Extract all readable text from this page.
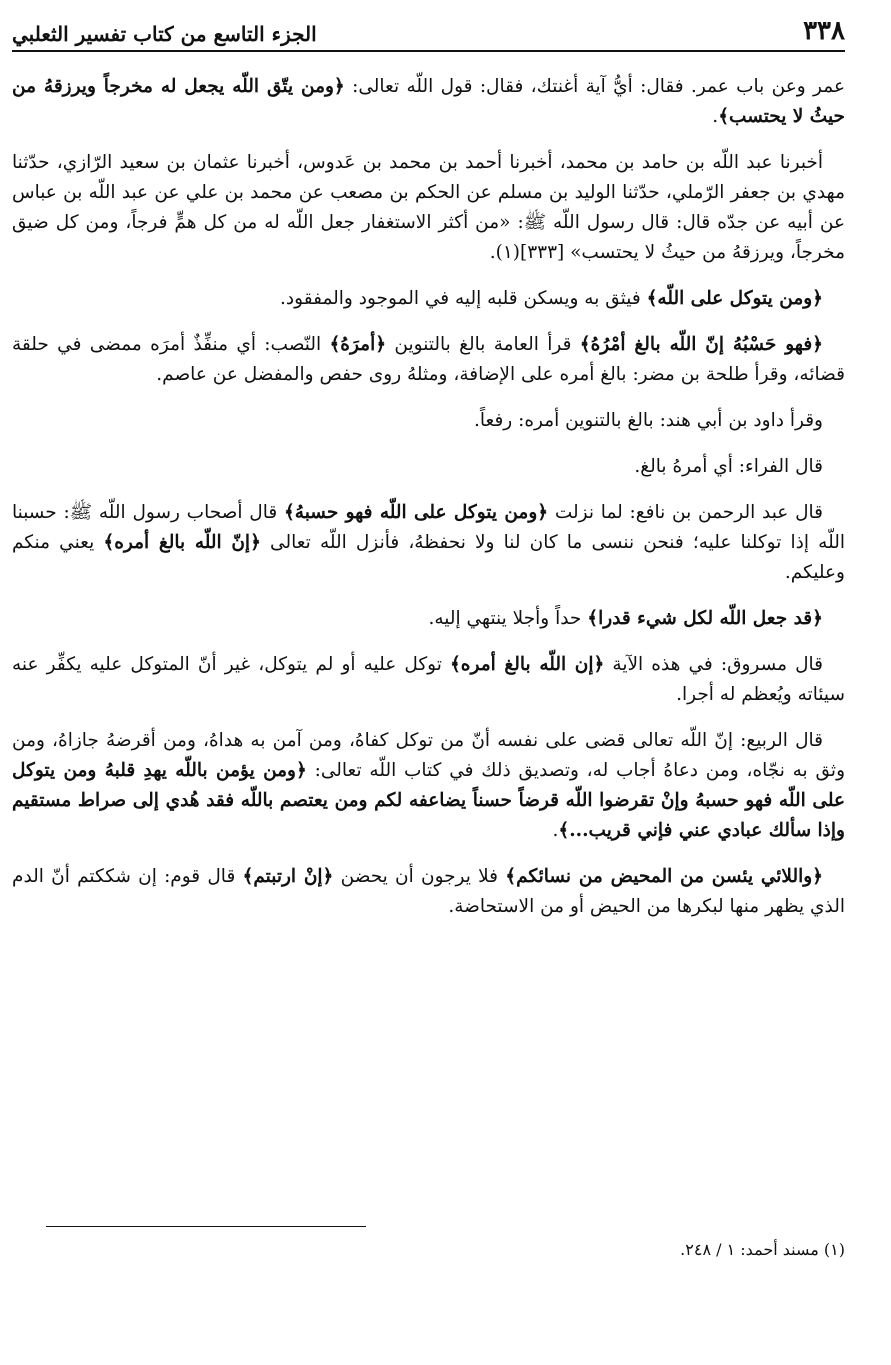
٣٣٨
الجزء التاسع من كتاب تفسير الثعلبي

عمر وعن باب عمر. فقال: أيُّ آية أغنتك، فقال: قول اللّه تعالى: ﴿ومن يتّق اللّه يجعل له مخرجاً ويرزقهُ من حيثُ لا يحتسب﴾.

أخبرنا عبد اللّه بن حامد بن محمد، أخبرنا أحمد بن محمد بن عَدوس، أخبرنا عثمان بن سعيد الرّازي، حدّثنا مهدي بن جعفر الرّملي، حدّثنا الوليد بن مسلم عن الحكم بن مصعب عن محمد بن علي عن عبد اللّه بن عباس عن أبيه عن جدّه قال: قال رسول اللّه ﷺ: «من أكثر الاستغفار جعل اللّه له من كل همٍّ فرجاً، ومن كل ضيق مخرجاً، ويرزقهُ من حيثُ لا يحتسب» [٣٣٣](١).

﴿ومن يتوكل على اللّه﴾ فيثق به ويسكن قلبه إليه في الموجود والمفقود.

﴿فهو حَسْبُهُ إنّ اللّه بالغ أمْرُهُ﴾ قرأ العامة بالغ بالتنوين ﴿أمرَهُ﴾ النّصب: أي منفِّذٌ أمرَه ممضى في حلقة قضائه، وقرأ طلحة بن مضر: بالغ أمره على الإضافة، ومثلهُ روى حفص والمفضل عن عاصم.

وقرأ داود بن أبي هند: بالغ بالتنوين أمره: رفعاً.

قال الفراء: أي أمرهُ بالغ.

قال عبد الرحمن بن نافع: لما نزلت ﴿ومن يتوكل على اللّه فهو حسبهُ﴾ قال أصحاب رسول اللّه ﷺ: حسبنا اللّه إذا توكلنا عليه؛ فنحن ننسى ما كان لنا ولا نحفظهُ، فأنزل اللّه تعالى ﴿إنّ اللّه بالغ أمره﴾ يعني منكم وعليكم.

﴿قد جعل اللّه لكل شيء قدرا﴾ حداً وأجلا ينتهي إليه.

قال مسروق: في هذه الآية ﴿إن اللّه بالغ أمره﴾ توكل عليه أو لم يتوكل، غير أنّ المتوكل عليه يكفِّر عنه سيئاته ويُعظم له أجرا.

قال الربيع: إنّ اللّه تعالى قضى على نفسه أنّ من توكل كفاهُ، ومن آمن به هداهُ، ومن أقرضهُ جازاهُ، ومن وثق به نجّاه، ومن دعاهُ أجاب له، وتصديق ذلك في كتاب اللّه تعالى: ﴿ومن يؤمن باللّه يهدِ قلبهُ ومن يتوكل على اللّه فهو حسبهُ وإنْ تقرضوا اللّه قرضاً حسناً يضاعفه لكم ومن يعتصم باللّه فقد هُدي إلى صراط مستقيم وإذا سألك عبادي عني فإني قريب...﴾.

﴿واللائي يئسن من المحيض من نسائكم﴾ فلا يرجون أن يحضن ﴿إنْ ارتبتم﴾ قال قوم: إن شككتم أنّ الدم الذي يظهر منها لبكرها من الحيض أو من الاستحاضة.

(١) مسند أحمد: ١ / ٢٤٨.
